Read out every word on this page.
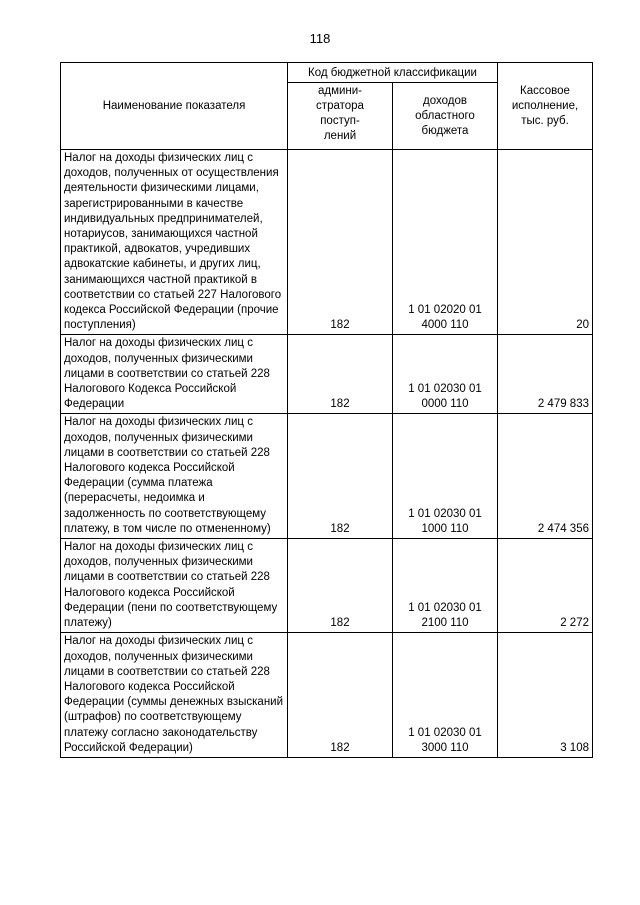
118
Наименование показателя	Код бюджетной классификации		Кассовое
исполнение,
тыс. руб.
	админи-
стратора
поступ-
лений	доходов
областного
бюджета	
Налог на доходы физических лиц с доходов, полученных от осуществления деятельности физическими лицами, зарегистрированными в качестве индивидуальных предпринимателей, нотариусов, занимающихся частной практикой, адвокатов, учредивших адвокатские кабинеты, и других лиц, занимающихся частной практикой в соответствии со статьей 227 Налогового кодекса Российской Федерации (прочие поступления)	182	1 01 02020 01 4000 110	20
Налог на доходы физических лиц с доходов, полученных физическими лицами в соответствии со статьей 228 Налогового Кодекса Российской Федерации	182	1 01 02030 01 0000 110	2 479 833
Налог на доходы физических лиц с доходов, полученных физическими лицами в соответствии со статьей 228 Налогового кодекса Российской Федерации (сумма платежа (перерасчеты, недоимка и задолженность по соответствующему платежу, в том числе по отмененному)	182	1 01 02030 01 1000 110	2 474 356
Налог на доходы физических лиц с доходов, полученных физическими лицами в соответствии со статьей 228 Налогового кодекса Российской Федерации (пени по соответствующему платежу)	182	1 01 02030 01 2100 110	2 272
Налог на доходы физических лиц с доходов, полученных физическими лицами в соответствии со статьей 228 Налогового кодекса Российской Федерации (суммы денежных взысканий (штрафов) по соответствующему платежу согласно законодательству Российской Федерации)	182	1 01 02030 01 3000 110	3 108
